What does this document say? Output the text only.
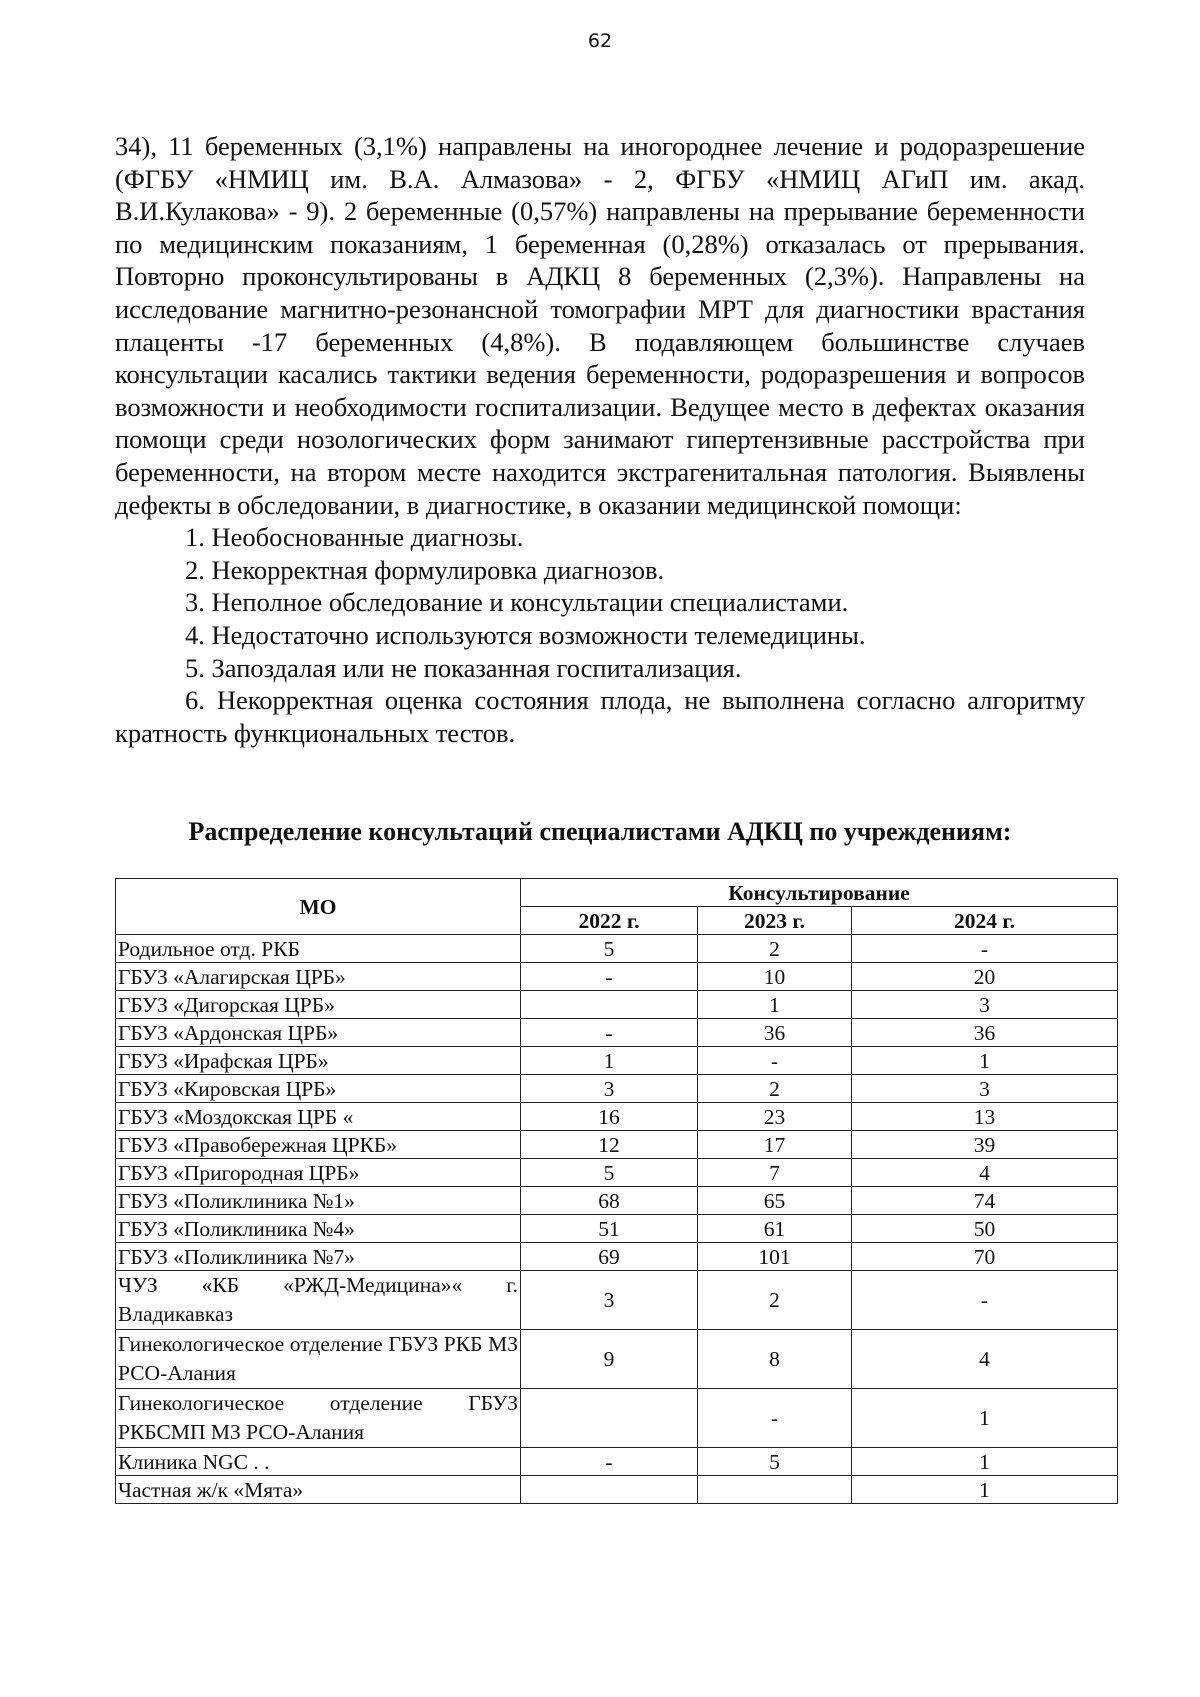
62

34), 11 беременных (3,1%) направлены на иногороднее лечение и родоразрешение (ФГБУ «НМИЦ им. В.А. Алмазова» - 2, ФГБУ «НМИЦ АГиП им. акад. В.И.Кулакова» - 9). 2 беременные (0,57%) направлены на прерывание беременности по медицинским показаниям, 1 беременная (0,28%) отказалась от прерывания. Повторно проконсультированы в АДКЦ 8 беременных (2,3%). Направлены на исследование магнитно-резонансной томографии МРТ для диагностики врастания плаценты -17 беременных (4,8%). В подавляющем большинстве случаев консультации касались тактики ведения беременности, родоразрешения и вопросов возможности и необходимости госпитализации. Ведущее место в дефектах оказания помощи среди нозологических форм занимают гипертензивные расстройства при беременности, на втором месте находится экстрагенитальная патология. Выявлены дефекты в обследовании, в диагностике, в оказании медицинской помощи:

1. Необоснованные диагнозы.
2. Некорректная формулировка диагнозов.
3. Неполное обследование и консультации специалистами.
4. Недостаточно используются возможности телемедицины.
5. Запоздалая или не показанная госпитализация.
6. Некорректная оценка состояния плода, не выполнена согласно алгоритму кратность функциональных тестов.
Распределение консультаций специалистами АДКЦ по учреждениям:
МО	Консультирование		
	2022 г.	2023 г.	2024 г.
Родильное отд. РКБ	5	2	-
ГБУЗ «Алагирская ЦРБ»	-	10	20
ГБУЗ «Дигорская ЦРБ»		1	3
ГБУЗ «Ардонская ЦРБ»	-	36	36
ГБУЗ «Ирафская ЦРБ»	1	-	1
ГБУЗ «Кировская ЦРБ»	3	2	3
ГБУЗ «Моздокская ЦРБ «	16	23	13
ГБУЗ «Правобережная ЦРКБ»	12	17	39
ГБУЗ «Пригородная ЦРБ»	5	7	4
ГБУЗ «Поликлиника №1»	68	65	74
ГБУЗ «Поликлиника №4»	51	61	50
ГБУЗ «Поликлиника №7»	69	101	70
ЧУЗ «КБ «РЖД-Медицина»« г. Владикавказ	3	2	-
Гинекологическое отделение ГБУЗ РКБ МЗ РСО-Алания	9	8	4
Гинекологическое отделение ГБУЗ РКБСМП МЗ РСО-Алания		-	1
Клиника NGC . .	-	5	1
Частная ж/к «Мята»			1
